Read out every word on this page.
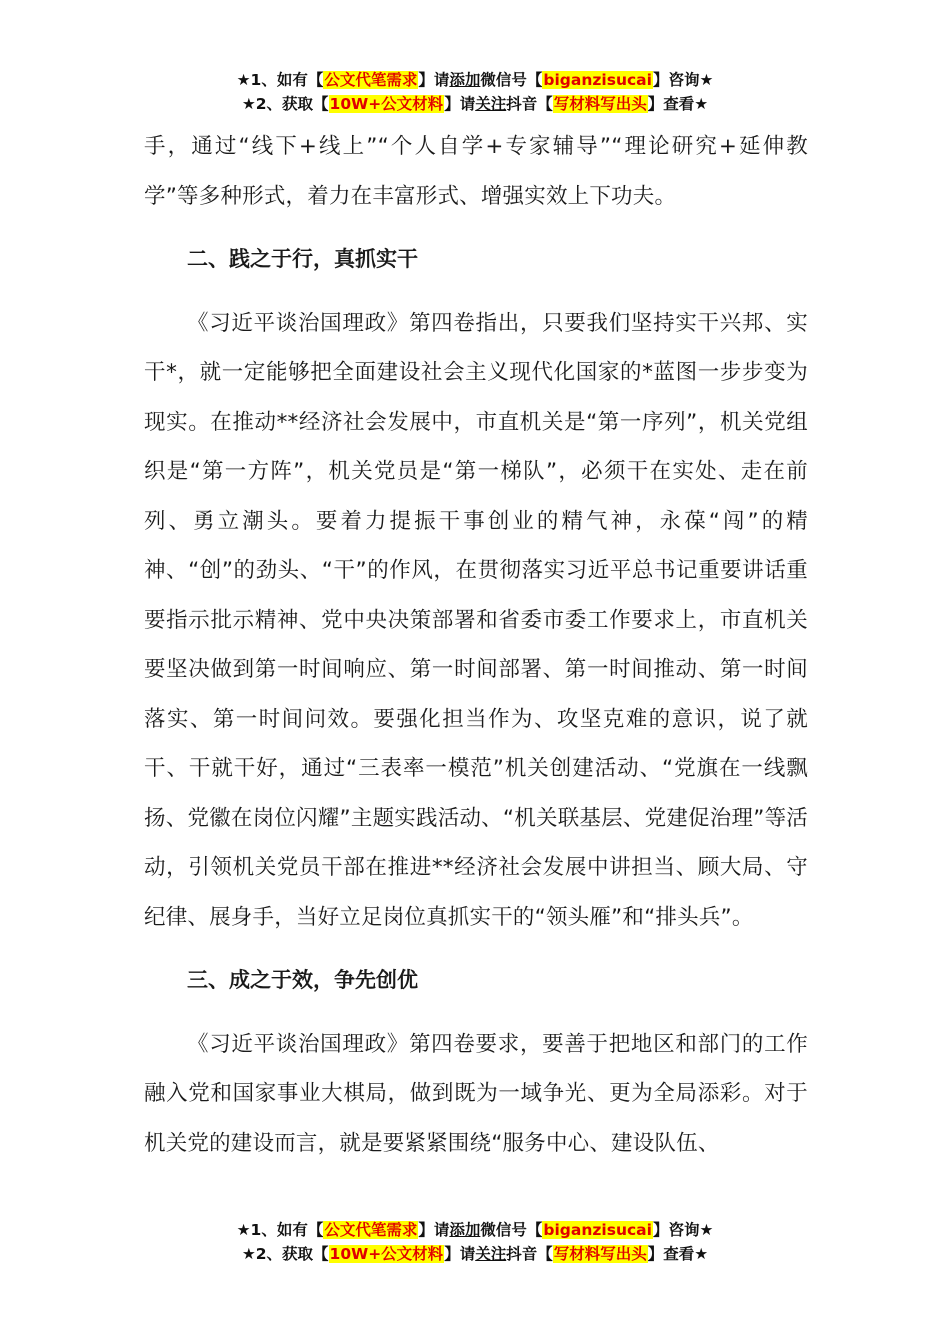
★1、如有【公文代笔需求】请添加微信号【biganzisucai】咨询★
★2、获取【10W+公文材料】请关注抖音【写材料写出头】查看★

手，通过“线下+线上”“个人自学+专家辅导”“理论研究+延伸教学”等多种形式，着力在丰富形式、增强实效上下功夫。

二、践之于行，真抓实干

《习近平谈治国理政》第四卷指出，只要我们坚持实干兴邦、实干*，就一定能够把全面建设社会主义现代化国家的*蓝图一步步变为现实。在推动**经济社会发展中，市直机关是“第一序列”，机关党组织是“第一方阵”，机关党员是“第一梯队”，必须干在实处、走在前列、勇立潮头。要着力提振干事创业的精气神，永葆“闯”的精神、“创”的劲头、“干”的作风，在贯彻落实习近平总书记重要讲话重要指示批示精神、党中央决策部署和省委市委工作要求上，市直机关要坚决做到第一时间响应、第一时间部署、第一时间推动、第一时间落实、第一时间问效。要强化担当作为、攻坚克难的意识，说了就干、干就干好，通过“三表率一模范”机关创建活动、“党旗在一线飘扬、党徽在岗位闪耀”主题实践活动、“机关联基层、党建促治理”等活动，引领机关党员干部在推进**经济社会发展中讲担当、顾大局、守纪律、展身手，当好立足岗位真抓实干的“领头雁”和“排头兵”。

三、成之于效，争先创优

《习近平谈治国理政》第四卷要求，要善于把地区和部门的工作融入党和国家事业大棋局，做到既为一域争光、更为全局添彩。对于机关党的建设而言，就是要紧紧围绕“服务中心、建设队伍、

★1、如有【公文代笔需求】请添加微信号【biganzisucai】咨询★
★2、获取【10W+公文材料】请关注抖音【写材料写出头】查看★
